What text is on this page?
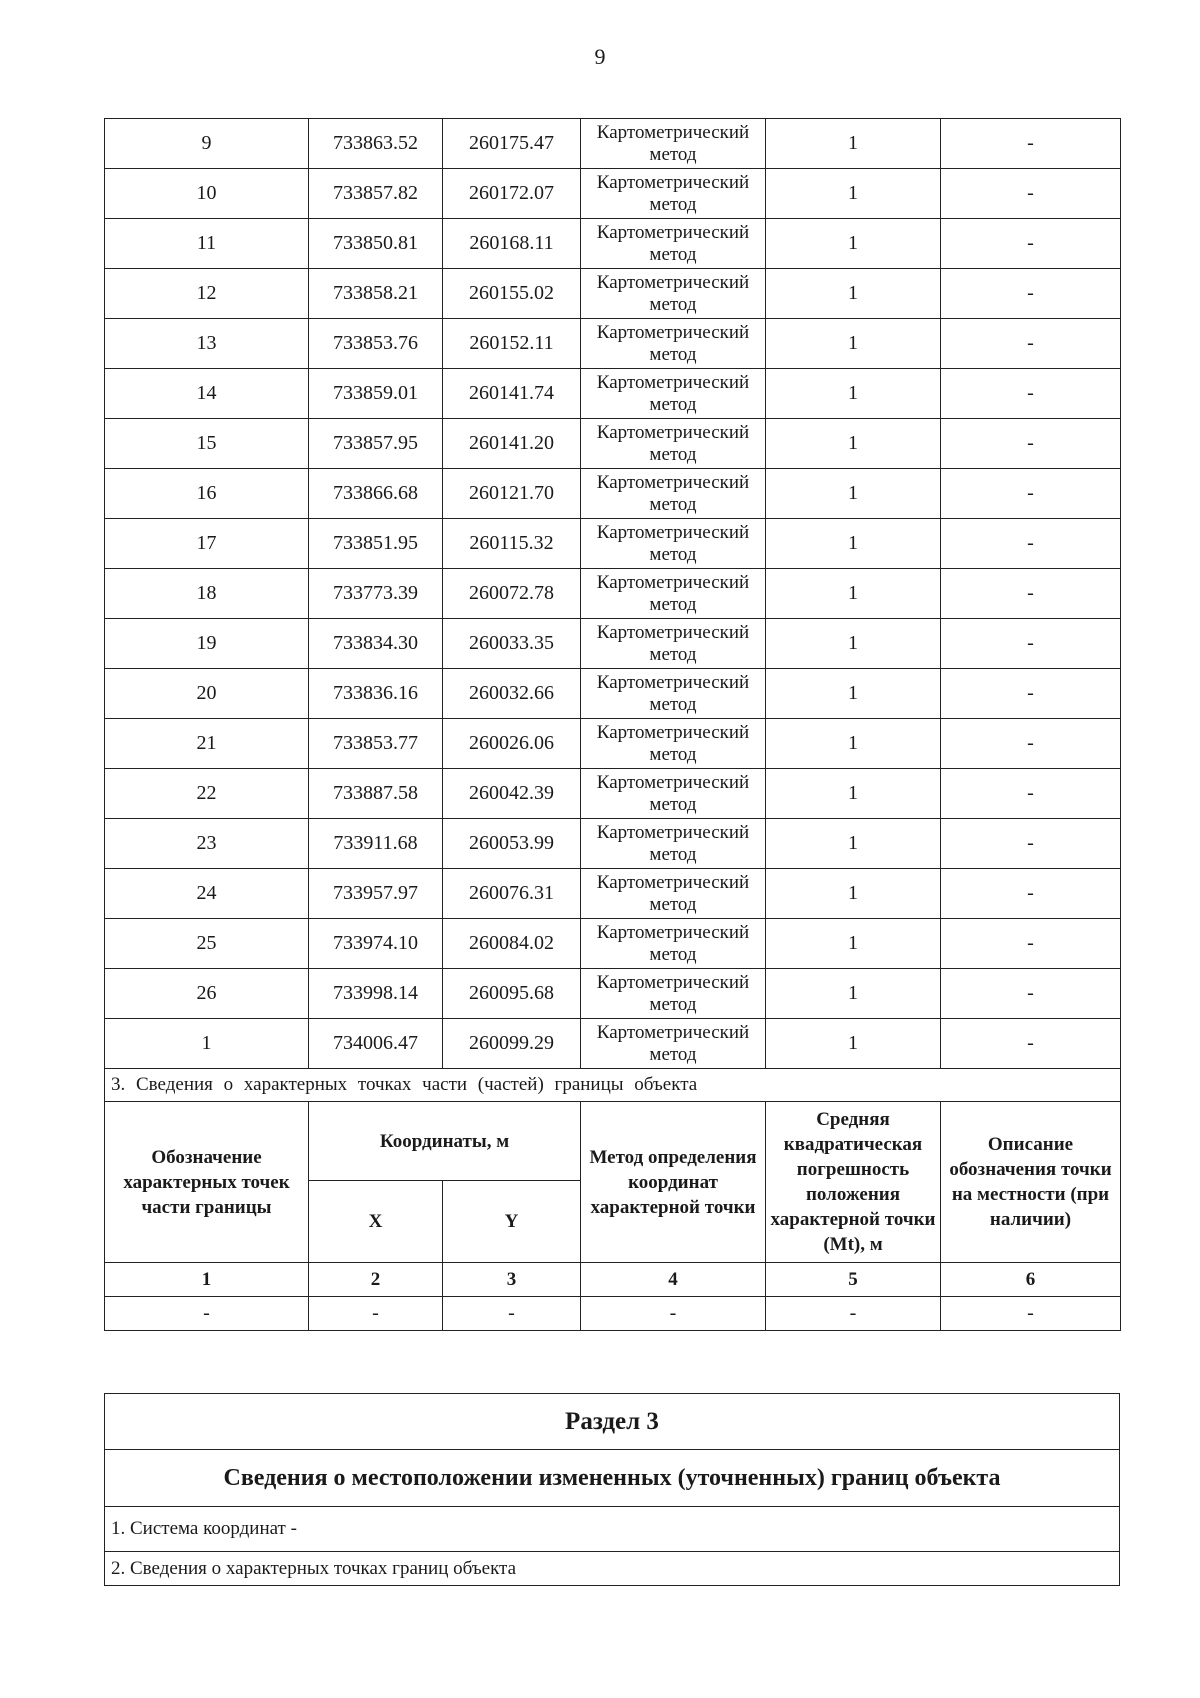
9
9	733863.52	260175.47	Картометрический метод	1	-
10	733857.82	260172.07	Картометрический метод	1	-
11	733850.81	260168.11	Картометрический метод	1	-
12	733858.21	260155.02	Картометрический метод	1	-
13	733853.76	260152.11	Картометрический метод	1	-
14	733859.01	260141.74	Картометрический метод	1	-
15	733857.95	260141.20	Картометрический метод	1	-
16	733866.68	260121.70	Картометрический метод	1	-
17	733851.95	260115.32	Картометрический метод	1	-
18	733773.39	260072.78	Картометрический метод	1	-
19	733834.30	260033.35	Картометрический метод	1	-
20	733836.16	260032.66	Картометрический метод	1	-
21	733853.77	260026.06	Картометрический метод	1	-
22	733887.58	260042.39	Картометрический метод	1	-
23	733911.68	260053.99	Картометрический метод	1	-
24	733957.97	260076.31	Картометрический метод	1	-
25	733974.10	260084.02	Картометрический метод	1	-
26	733998.14	260095.68	Картометрический метод	1	-
1	734006.47	260099.29	Картометрический метод	1	-
3. Сведения о характерных точках части (частей) границы объекта					
Обозначение характерных точек части границы	Координаты, м		Метод определения координат характерной точки	Средняя квадратическая погрешность положения характерной точки (Mt), м	Описание обозначения точки на местности (при наличии)
	X	Y			
1	2	3	4	5	6
-	-	-	-	-	-
Раздел 3
Сведения о местоположении измененных (уточненных) границ объекта
1. Система координат -
2. Сведения о характерных точках границ объекта
